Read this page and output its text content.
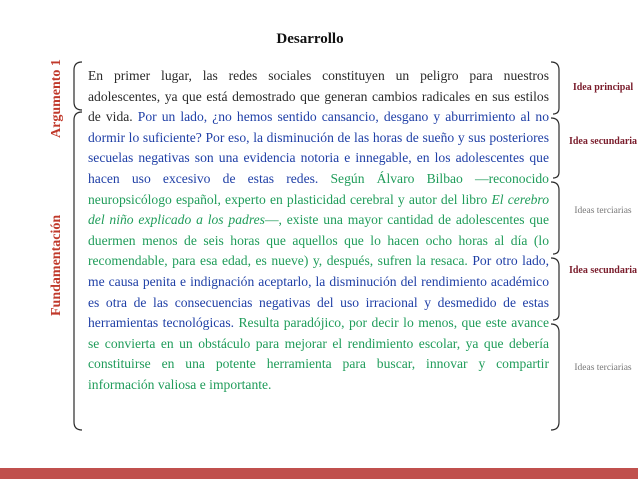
Desarrollo
Argumento 1
Fundamentación
En primer lugar, las redes sociales constituyen un peligro para nuestros adolescentes, ya que está demostrado que generan cambios radicales en sus estilos de vida. Por un lado, ¿no hemos sentido cansancio, desgano y aburrimiento al no dormir lo suficiente? Por eso, la disminución de las horas de sueño y sus posteriores secuelas negativas son una evidencia notoria e innegable, en los adolescentes que hacen uso excesivo de estas redes. Según Álvaro Bilbao —reconocido neuropsicólogo español, experto en plasticidad cerebral y autor del libro El cerebro del niño explicado a los padres—, existe una mayor cantidad de adolescentes que duermen menos de seis horas que aquellos que lo hacen ocho horas al día (lo recomendable, para esa edad, es nueve) y, después, sufren la resaca. Por otro lado, me causa penita e indignación aceptarlo, la disminución del rendimiento académico es otra de las consecuencias negativas del uso irracional y desmedido de estas herramientas tecnológicas. Resulta paradójico, por decir lo menos, que este avance se convierta en un obstáculo para mejorar el rendimiento escolar, ya que debería constituirse en una potente herramienta para buscar, innovar y compartir información valiosa e importante.
Idea principal
Idea secundaria
Ideas terciarias
Idea secundaria
Ideas terciarias
